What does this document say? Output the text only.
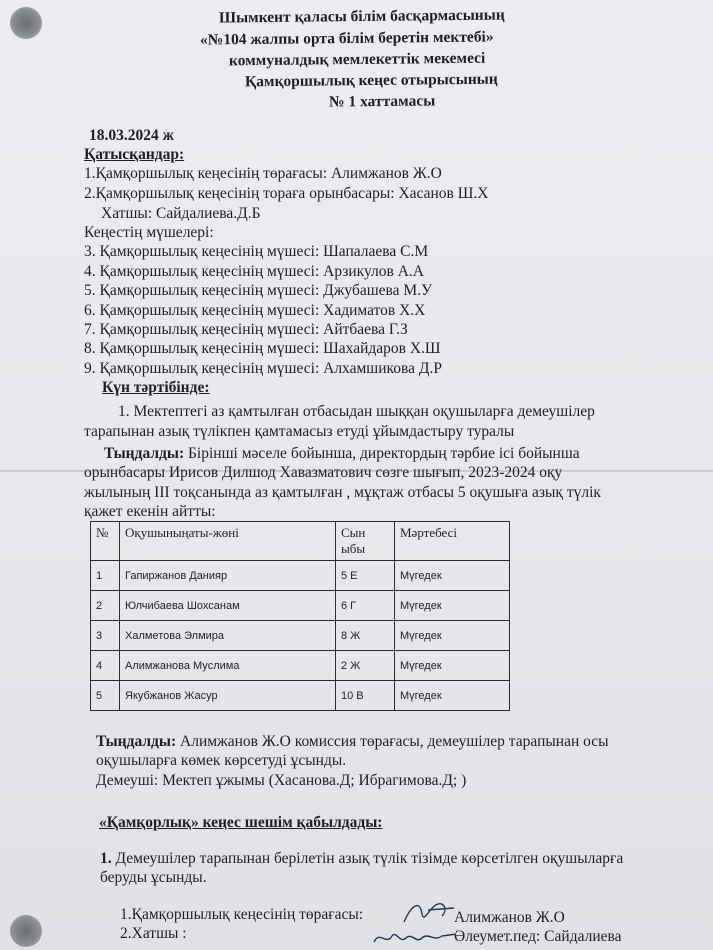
Шымкент қаласы білім басқармасының
«№104 жалпы орта білім беретін мектебі»
коммуналдық мемлекеттік мекемесі
Қамқоршылық кеңес отырысының
№ 1 хаттамасы
18.03.2024 ж
Қатысқандар:
1.Қамқоршылық кеңесінің төрағасы: Алимжанов Ж.О
2.Қамқоршылық кеңесінің тораға орынбасары: Хасанов Ш.Х
Хатшы: Сайдалиева.Д.Б
Кеңестің мүшелері:
3. Қамқоршылық кеңесінің мүшесі: Шапалаева С.М
4. Қамқоршылық кеңесінің мүшесі: Арзикулов А.А
5. Қамқоршылық кеңесінің мүшесі: Джубашева М.У
6. Қамқоршылық кеңесінің мүшесі: Хадиматов Х.Х
7. Қамқоршылық кеңесінің мүшесі: Айтбаева Г.З
8. Қамқоршылық кеңесінің мүшесі: Шахайдаров Х.Ш
9. Қамқоршылық кеңесінің мүшесі: Алхамшикова Д.Р
Күн тәртібінде:
1. Мектептегі аз қамтылған отбасыдан шыққан оқушыларға демеушілер
тарапынан азық түлікпен қамтамасыз етуді ұйымдастыру туралы
Тыңдалды: Бірінші мәселе бойынша, директордың тәрбие ісі бойынша
орынбасары Ирисов Дилшод Хавазматович сөзге шығып, 2023-2024 оқу
жылының III тоқсанында аз қамтылған , мұқтаж отбасы 5 оқушыға азық түлік
қажет екенін айтты:
№	Оқушыныңаты-жөні	Сын ыбы	Мәртебесі
1	Гапиржанов Данияр	5 Е	Мүгедек
2	Юлчибаева Шохсанам	6 Г	Мүгедек
3	Халметова Элмира	8 Ж	Мүгедек
4	Алимжанова Муслима	2 Ж	Мүгедек
5	Якубжанов Жасур	10 В	Мүгедек
Тыңдалды: Алимжанов Ж.О комиссия төрағасы, демеушілер тарапынан осы
оқушыларға көмек көрсетуді ұсынды.
Демеуші: Мектеп ұжымы (Хасанова.Д; Ибрагимова.Д; )
«Қамқорлық» кеңес шешім қабылдады:
1. Демеушілер тарапынан берілетін азық түлік тізімде көрсетілген оқушыларға
беруды ұсынды.
1.Қамқоршылық кеңесінің төрағасы:	Алимжанов Ж.О
2.Хатшы :	Әлеумет.пед: Сайдалиева
